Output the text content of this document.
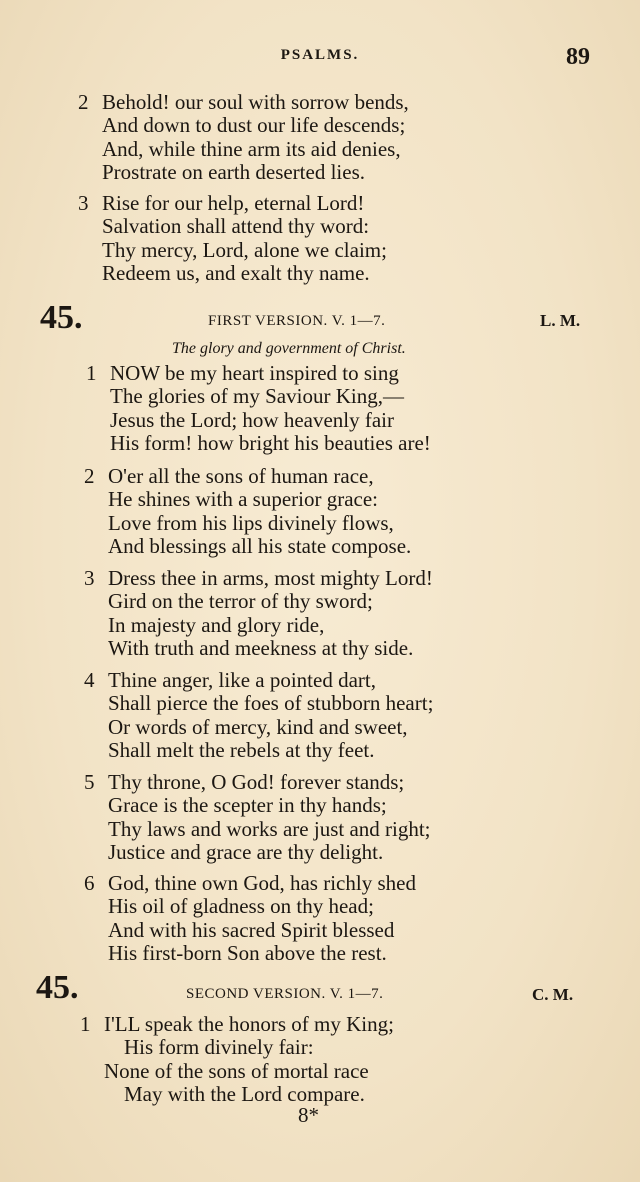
PSALMS.	89
2 Behold! our soul with sorrow bends,
And down to dust our life descends;
And, while thine arm its aid denies,
Prostrate on earth deserted lies.
3 Rise for our help, eternal Lord!
Salvation shall attend thy word:
Thy mercy, Lord, alone we claim;
Redeem us, and exalt thy name.
45.	FIRST VERSION. V. 1—7.	L. M.
The glory and government of Christ.
1 NOW be my heart inspired to sing
The glories of my Saviour King,—
Jesus the Lord; how heavenly fair
His form! how bright his beauties are!
2 O'er all the sons of human race,
He shines with a superior grace:
Love from his lips divinely flows,
And blessings all his state compose.
3 Dress thee in arms, most mighty Lord!
Gird on the terror of thy sword;
In majesty and glory ride,
With truth and meekness at thy side.
4 Thine anger, like a pointed dart,
Shall pierce the foes of stubborn heart;
Or words of mercy, kind and sweet,
Shall melt the rebels at thy feet.
5 Thy throne, O God! forever stands;
Grace is the scepter in thy hands;
Thy laws and works are just and right;
Justice and grace are thy delight.
6 God, thine own God, has richly shed
His oil of gladness on thy head;
And with his sacred Spirit blessed
His first-born Son above the rest.
45.	SECOND VERSION. V. 1—7.	C. M.
1 I'LL speak the honors of my King;
His form divinely fair:
None of the sons of mortal race
May with the Lord compare.
8*
